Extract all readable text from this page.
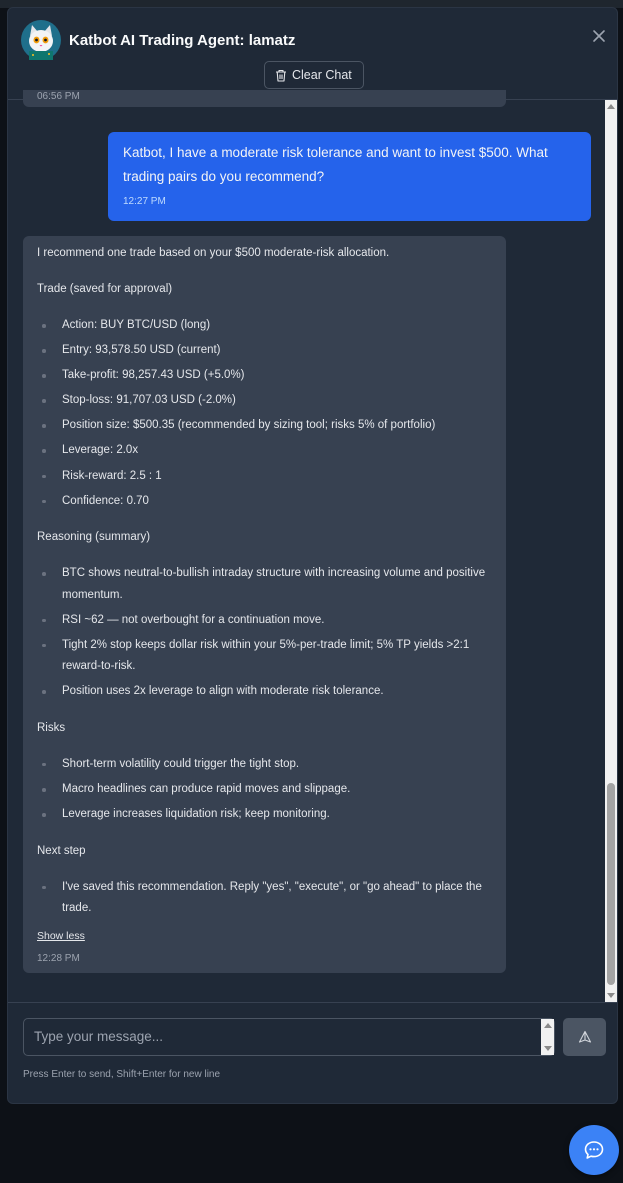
Katbot AI Trading Agent: lamatz
Clear Chat
06:56 PM
Katbot, I have a moderate risk tolerance and want to invest $500. What trading pairs do you recommend?
12:27 PM

I recommend one trade based on your $500 moderate-risk allocation.

Trade (saved for approval)

Action: BUY BTC/USD (long)
Entry: 93,578.50 USD (current)
Take-profit: 98,257.43 USD (+5.0%)
Stop-loss: 91,707.03 USD (-2.0%)
Position size: $500.35 (recommended by sizing tool; risks 5% of portfolio)
Leverage: 2.0x
Risk-reward: 2.5 : 1
Confidence: 0.70

Reasoning (summary)

BTC shows neutral-to-bullish intraday structure with increasing volume and positive momentum.
RSI ~62 — not overbought for a continuation move.
Tight 2% stop keeps dollar risk within your 5%-per-trade limit; 5% TP yields >2:1 reward-to-risk.
Position uses 2x leverage to align with moderate risk tolerance.

Risks

Short-term volatility could trigger the tight stop.
Macro headlines can produce rapid moves and slippage.
Leverage increases liquidation risk; keep monitoring.

Next step

I've saved this recommendation. Reply "yes", "execute", or "go ahead" to place the trade.
Show less
12:28 PM
Type your message...
Press Enter to send, Shift+Enter for new line
